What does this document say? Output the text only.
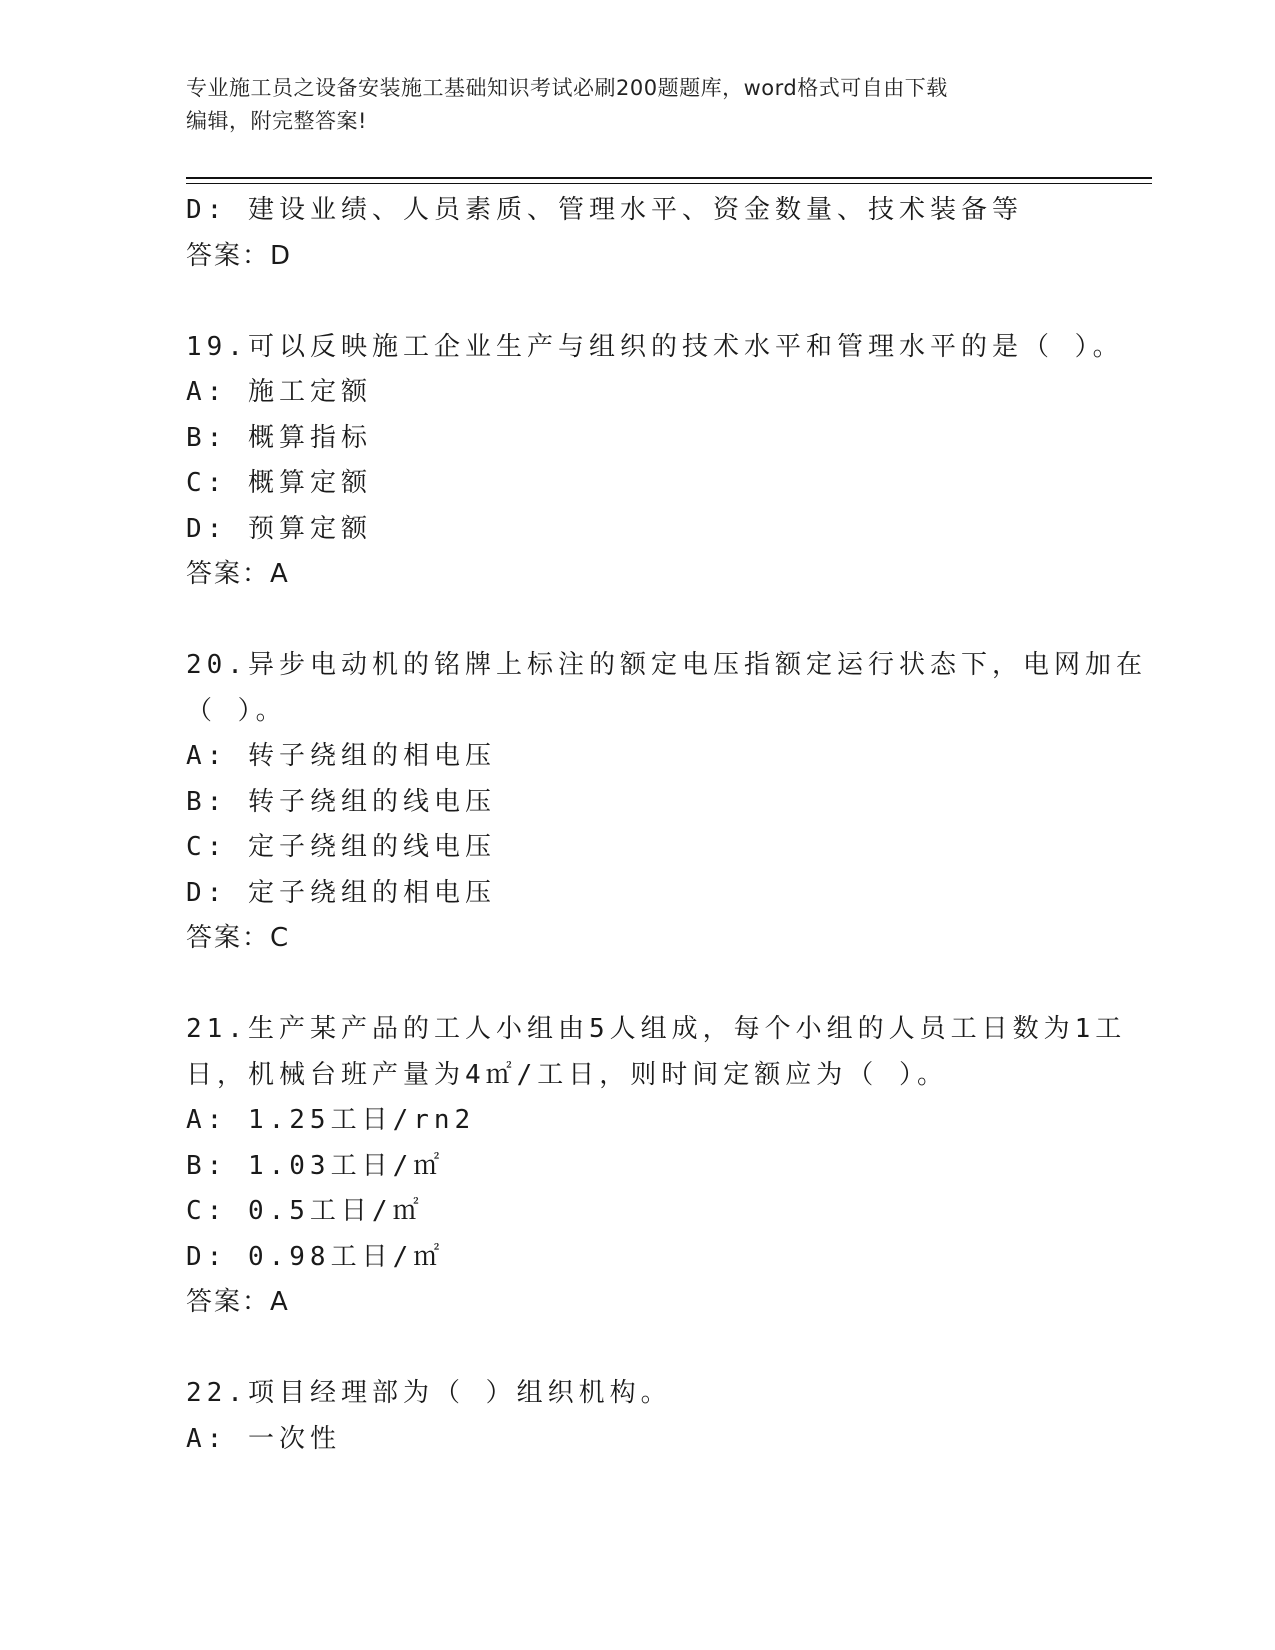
专业施工员之设备安装施工基础知识考试必刷200题题库，word格式可自由下载
编辑，附完整答案!
D: 建设业绩、人员素质、管理水平、资金数量、技术装备等
答案：D
19.可以反映施工企业生产与组织的技术水平和管理水平的是（ ）。
A: 施工定额
B: 概算指标
C: 概算定额
D: 预算定额
答案：A
20.异步电动机的铭牌上标注的额定电压指额定运行状态下，电网加在
（ ）。
A: 转子绕组的相电压
B: 转子绕组的线电压
C: 定子绕组的线电压
D: 定子绕组的相电压
答案：C
21.生产某产品的工人小组由5人组成，每个小组的人员工日数为1工
日，机械台班产量为4㎡/工日，则时间定额应为（ ）。
A: 1.25工日/rn2
B: 1.03工日/㎡
C: 0.5工日/㎡
D: 0.98工日/㎡
答案：A
22.项目经理部为（ ）组织机构。
A: 一次性
